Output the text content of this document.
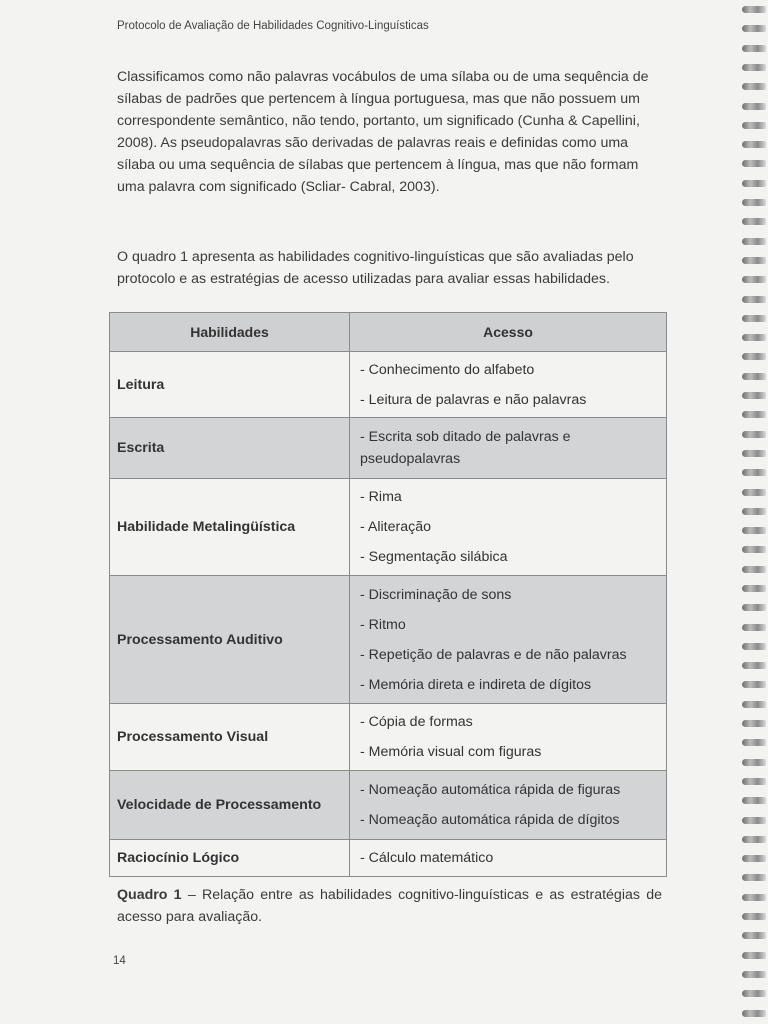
Protocolo de Avaliação de Habilidades Cognitivo-Linguísticas
Classificamos como não palavras vocábulos de uma sílaba ou de uma sequência de sílabas de padrões que pertencem à língua portuguesa, mas que não possuem um correspondente semântico, não tendo, portanto, um significado (Cunha & Capellini, 2008). As pseudopalavras são derivadas de palavras reais e definidas como uma sílaba ou uma sequência de sílabas que pertencem à língua, mas que não formam uma palavra com significado (Scliar- Cabral, 2003).
O quadro 1 apresenta as habilidades cognitivo-linguísticas que são avaliadas pelo protocolo e as estratégias de acesso utilizadas para avaliar essas habilidades.
Habilidades	Acesso
Leitura	- Conhecimento do alfabeto
- Leitura de palavras e não palavras

Escrita	- Escrita sob ditado de palavras e pseudopalavras

Habilidade Metalingüística	- Rima
- Aliteração
- Segmentação silábica

Processamento Auditivo	- Discriminação de sons
- Ritmo
- Repetição de palavras e de não palavras
- Memória direta e indireta de dígitos

Processamento Visual	- Cópia de formas
- Memória visual com figuras

Velocidade de Processamento	- Nomeação automática rápida de figuras
- Nomeação automática rápida de dígitos

Raciocínio Lógico	- Cálculo matemático
Quadro 1 – Relação entre as habilidades cognitivo-linguísticas e as estratégias de acesso para avaliação.
14
